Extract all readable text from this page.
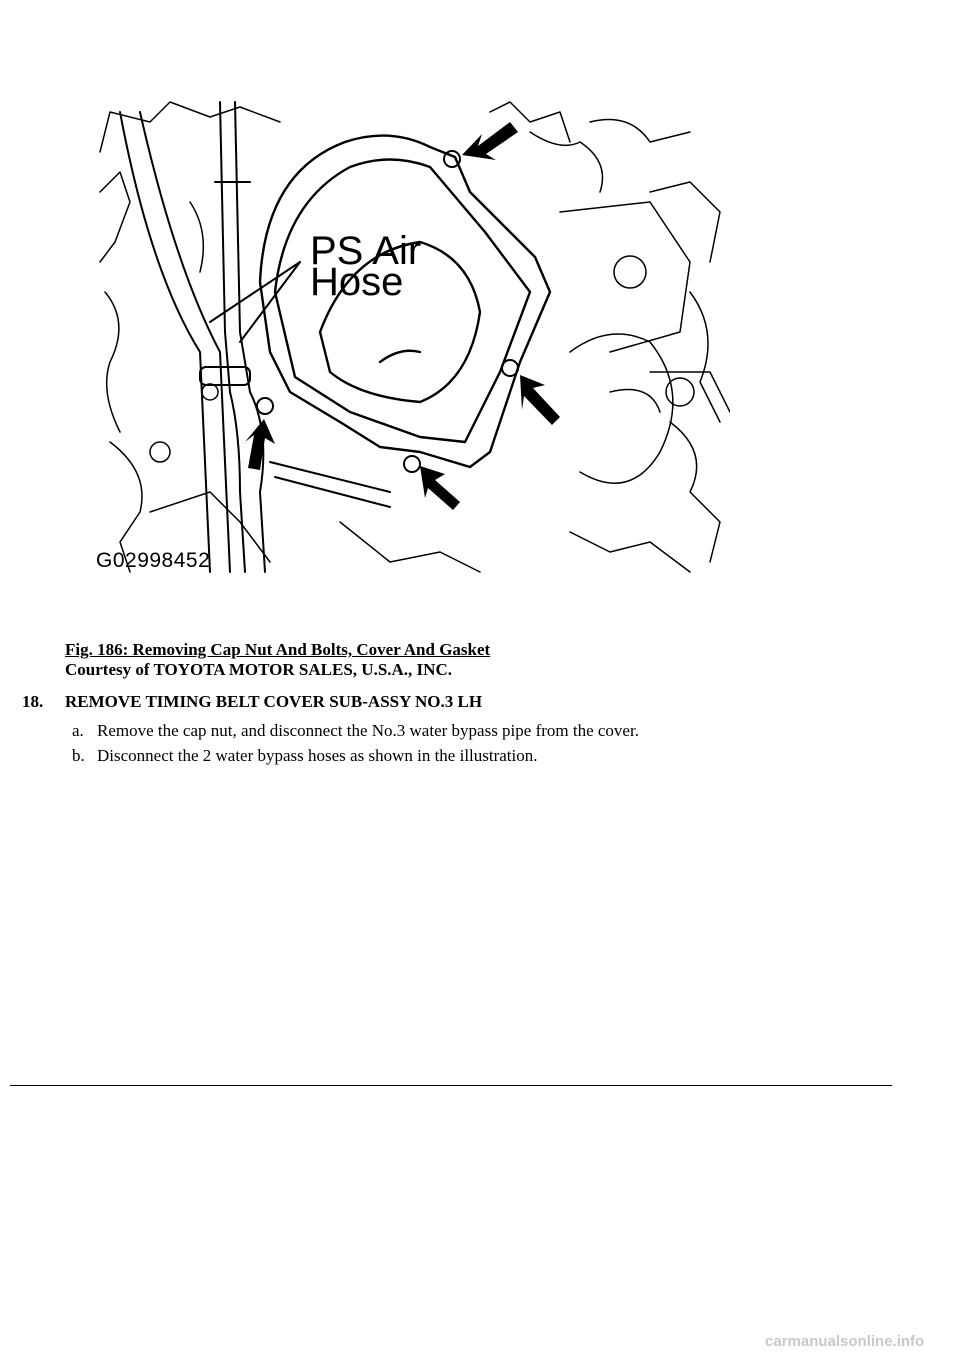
PS Air
Hose
G02998452
Fig. 186: Removing Cap Nut And Bolts, Cover And Gasket
Courtesy of TOYOTA MOTOR SALES, U.S.A., INC.
18. REMOVE TIMING BELT COVER SUB-ASSY NO.3 LH
a. Remove the cap nut, and disconnect the No.3 water bypass pipe from the cover.
b. Disconnect the 2 water bypass hoses as shown in the illustration.
carmanualsonline.info
